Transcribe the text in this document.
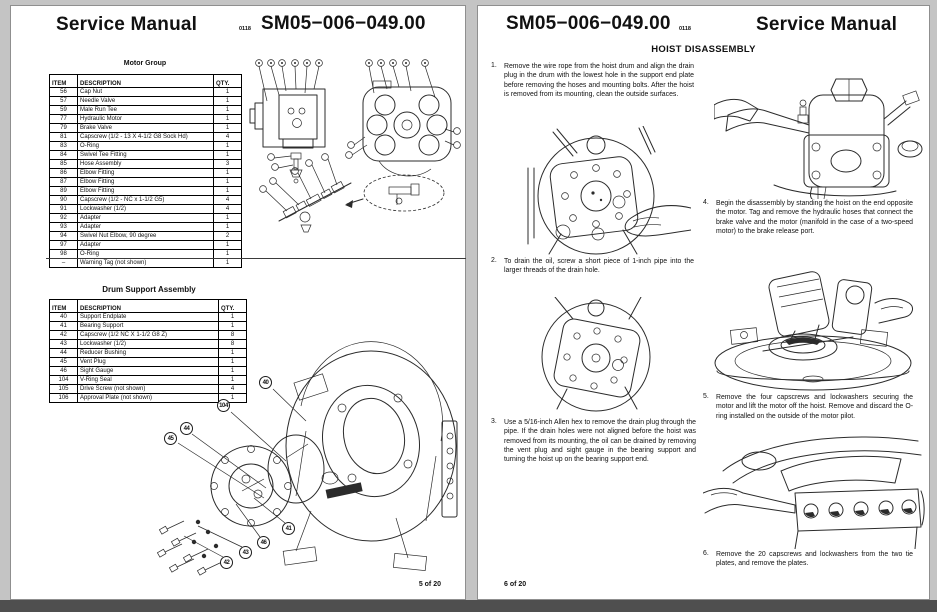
Service Manual	0118 SM05−006−049.00
Motor Group
ITEM	DESCRIPTION	QTY.
56	Cap Nut	1
57	Needle Valve	1
59	Male Run Tee	1
77	Hydraulic Motor	1
79	Brake Valve	1
81	Capscrew (1/2 - 13 X 4-1/2 G8 Sock Hd)	4
83	O-Ring	1
84	Swivel Tee Fitting	1
85	Hose Assembly	3
86	Elbow Fitting	1
87	Elbow Fitting	1
89	Elbow Fitting	1
90	Capscrew (1/2 - NC x 1-1/2 G5)	4
91	Lockwasher (1/2)	4
92	Adapter	1
93	Adapter	1
94	Swivel Nut Elbow, 90 degree	2
97	Adapter	1
98	O-Ring	1
–	Warning Tag (not shown)	1
Drum Support Assembly
ITEM	DESCRIPTION	QTY.
40	Support Endplate	1
41	Bearing Support	1
42	Capscrew (1/2 NC X 1-1/2 G8 Z)	8
43	Lockwasher (1/2)	8
44	Reducer Bushing	1
45	Vent Plug	1
46	Sight Gauge	1
104	V-Ring Seal	1
105	Drive Screw (not shown)	4
106	Approval Plate (not shown)	1
40
104
44
45
42
43
46
41
5 of 20
SM05−006−049.00 0118	Service Manual
HOIST DISASSEMBLY
1.	Remove the wire rope from the hoist drum and align the drain plug in the drum with the lowest hole in the support end plate before removing the hoses and mounting bolts. After the hoist is removed from its mounting, clean the outside surfaces.
2.	To drain the oil, screw a short piece of 1-inch pipe into the larger threads of the drain hole.
3.	Use a 5/16-inch Allen hex to remove the drain plug through the pipe. If the drain holes were not aligned before the hoist was removed from its mounting, the oil can be drained by removing the vent plug and sight gauge in the bearing support and turning the hoist up on the bearing support end.
4.	Begin the disassembly by standing the hoist on the end opposite the motor. Tag and remove the hydraulic hoses that connect the brake valve and the motor (manifold in the case of a two-speed motor) to the brake release port.
5.	Remove the four capscrews and lockwashers securing the motor and lift the motor off the hoist. Remove and discard the O-ring installed on the outside of the motor pilot.
6.	Remove the 20 capscrews and lockwashers from the two tie plates, and remove the plates.
6 of 20
